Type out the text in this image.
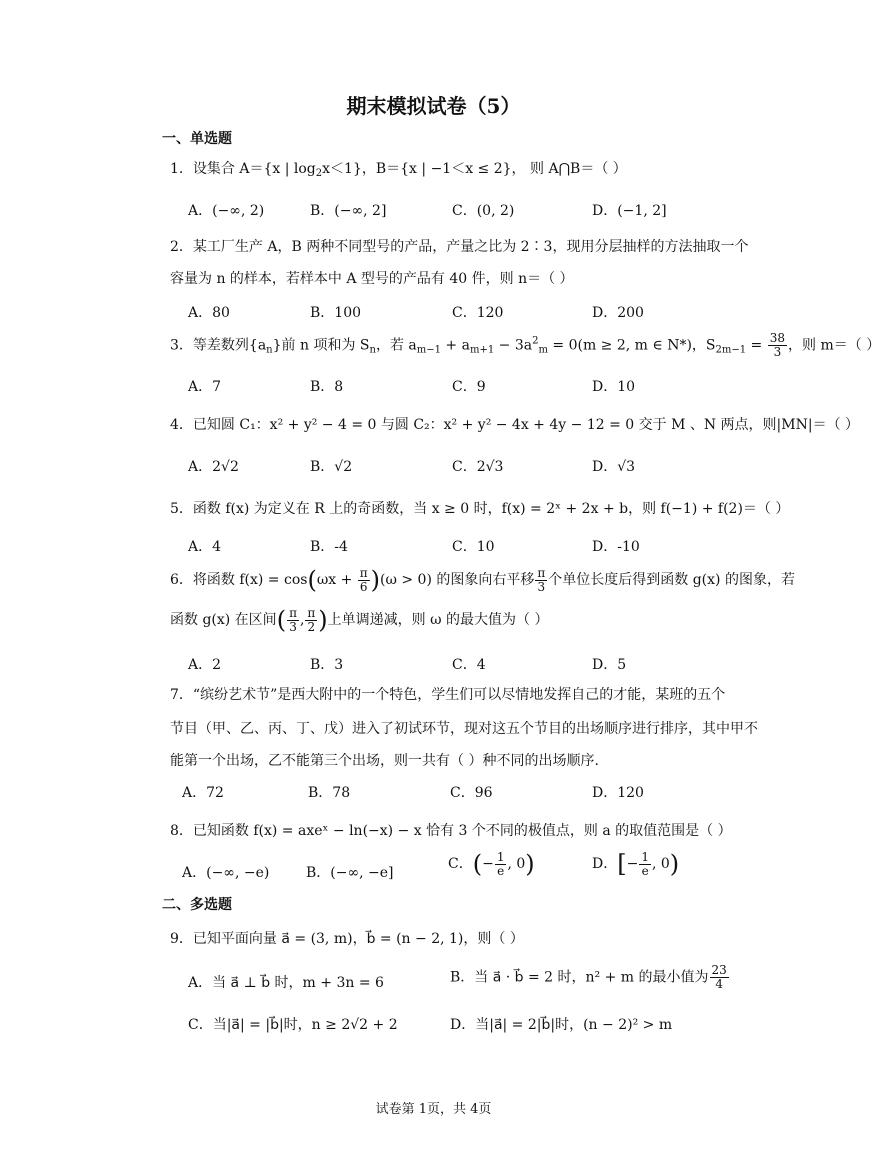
期末模拟试卷（5）
一、单选题
1．设集合 A＝{x | $\log_2x<1$}，B＝{x | −1＜x ≤ 2}， 则 A⋂B＝（ ）
A．(−∞, 2)	B．(−∞, 2]	C．(0, 2)	D．(−1, 2]
2．某工厂生产 A，B 两种不同型号的产品，产量之比为 2∶3，现用分层抽样的方法抽取一个
容量为 n 的样本，若样本中 A 型号的产品有 40 件，则 n＝（ ）
A．80	B．100	C．120	D．200
3．等差数列$\{a_n\}$前 n 项和为 $S_n$，若 $a_{m-1} + a_{m+1} - 3a^2_m = 0(m \ge 2$, m ∈ N*)，$S_{2m-1} = \frac{38}{3}$ ，则 m＝（ ）
A．7	B．8	C．9	D．10
4．已知圆 C₁：x² + y² − 4 = 0 与圆 C₂：x² + y² − 4x + 4y − 12 = 0 交于 M 、N 两点，则|MN|＝（ ）
A．2√2	B．√2	C．2√3	D．√3
5．函数 f(x) 为定义在 R 上的奇函数，当 x ≥ 0 时，f(x) = 2ˣ + 2x + b，则 f(−1) + f(2)＝（ ）
A．4	B．-4	C．10	D．-10
6．将函数 $f(x) = \cos(\omega x + \frac{\pi}{6} )(\omega > 0)$ 的图象向右平移 $\frac{\pi}{3}$ 个单位长度后得到函数 g(x) 的图象，若
函数 g(x) 在区间( $\frac{\pi}{3}$ , $\frac{\pi}{2}$ )上单调递减，则 ω 的最大值为（ ）
A．2	B．3	C．4	D．5
7．“缤纷艺术节”是西大附中的一个特色，学生们可以尽情地发挥自己的才能，某班的五个
节目（甲、乙、丙、丁、戊）进入了初试环节，现对这五个节目的出场顺序进行排序，其中甲不
能第一个出场，乙不能第三个出场，则一共有（ ）种不同的出场顺序.
A．72	B．78	C．96	D．120
8．已知函数 f(x) = axeˣ − ln(−x) − x 恰有 3 个不同的极值点，则 a 的取值范围是（ ）
A．(−∞, −e)	B．(−∞, −e]
C．(− $\frac{1}{e}$ , 0)	D．[− $\frac{1}{e}$ , 0)
二、多选题
9．已知平面向量 a⃗ = (3, m)，b⃗ = (n − 2, 1)，则（ ）
A．当 a⃗ ⊥ b⃗ 时，m + 3n = 6	B．当 a⃗ · b⃗ = 2 时，n² + m 的最小值为 $\frac{23}{4}$
C．当|a⃗| = |b⃗|时，n ≥ 2√2 + 2	D．当|a⃗| = 2|b⃗|时，(n − 2)² > m
试卷第 1页，共 4页
